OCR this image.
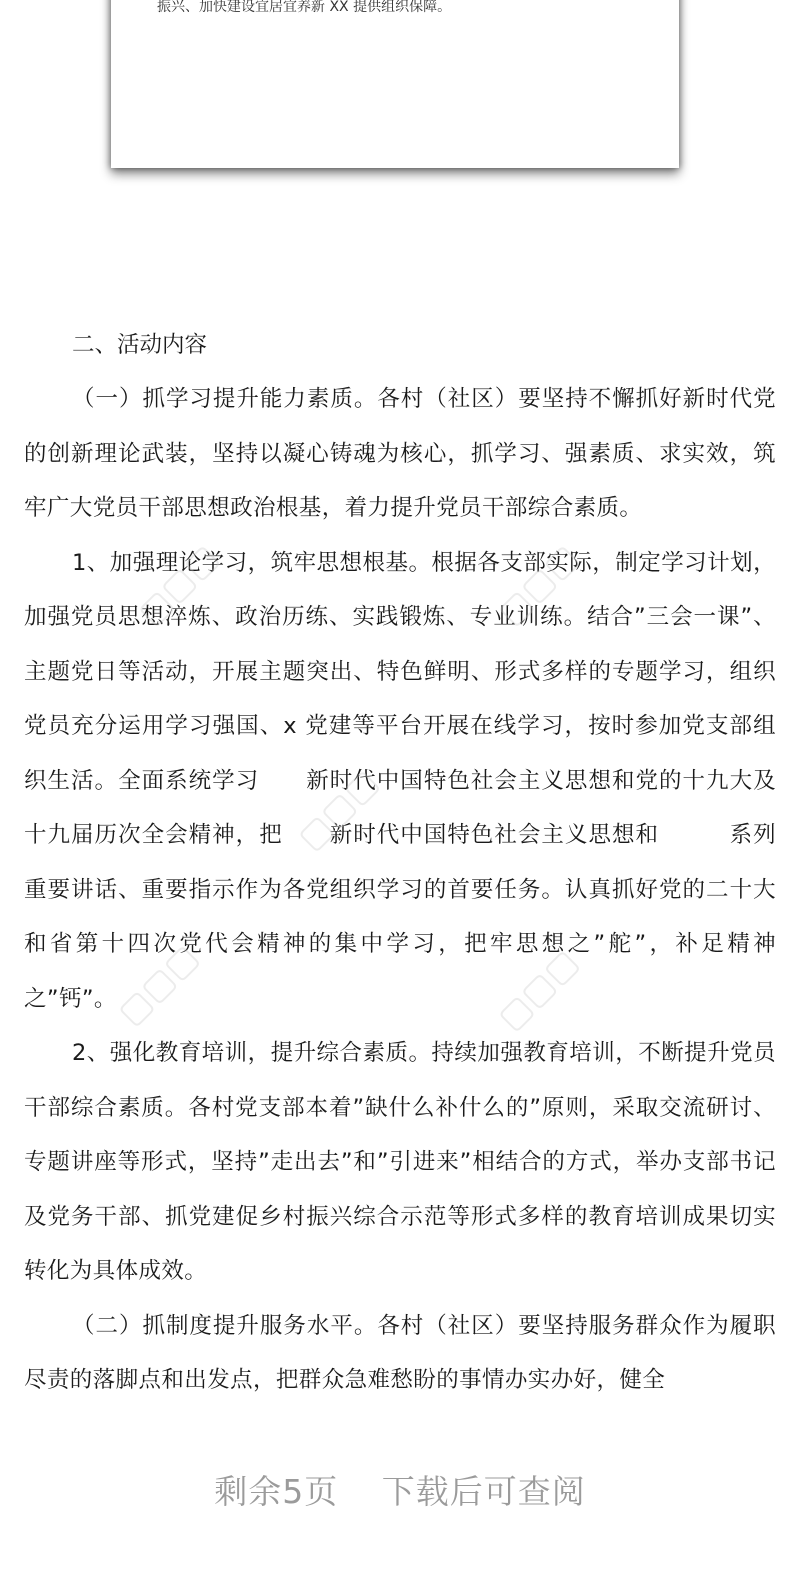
振兴、加快建设宜居宜养新 XX 提供组织保障。
二、活动内容

（一）抓学习提升能力素质。各村（社区）要坚持不懈抓好新时代党的创新理论武装，坚持以凝心铸魂为核心，抓学习、强素质、求实效，筑牢广大党员干部思想政治根基，着力提升党员干部综合素质。

1、加强理论学习，筑牢思想根基。根据各支部实际，制定学习计划，加强党员思想淬炼、政治历练、实践锻炼、专业训练。结合”三会一课”、主题党日等活动，开展主题突出、特色鲜明、形式多样的专题学习，组织党员充分运用学习强国、x 党建等平台开展在线学习，按时参加党支部组织生活。全面系统学习　　新时代中国特色社会主义思想和党的十九大及十九届历次全会精神，把　　新时代中国特色社会主义思想和　　　系列重要讲话、重要指示作为各党组织学习的首要任务。认真抓好党的二十大和省第十四次党代会精神的集中学习，把牢思想之”舵”，补足精神之”钙”。

2、强化教育培训，提升综合素质。持续加强教育培训，不断提升党员干部综合素质。各村党支部本着”缺什么补什么的”原则，采取交流研讨、专题讲座等形式，坚持”走出去”和”引进来”相结合的方式，举办支部书记及党务干部、抓党建促乡村振兴综合示范等形式多样的教育培训成果切实转化为具体成效。

（二）抓制度提升服务水平。各村（社区）要坚持服务群众作为履职尽责的落脚点和出发点，把群众急难愁盼的事情办实办好，健全

▢▢▢	▢▢▢
▢▢▢
▢▢▢	▢▢▢
剩余5页 下载后可查阅
